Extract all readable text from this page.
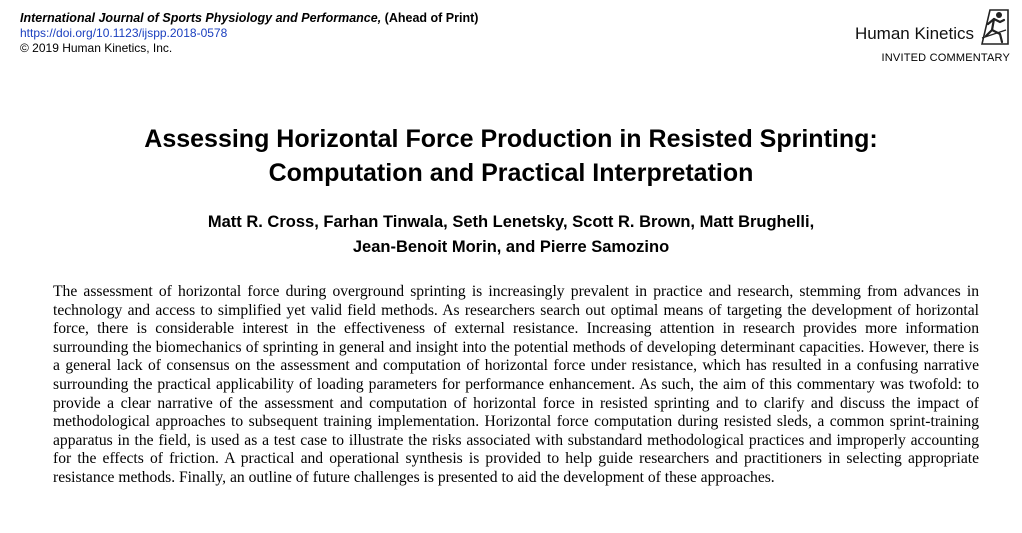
International Journal of Sports Physiology and Performance, (Ahead of Print)
https://doi.org/10.1123/ijspp.2018-0578
© 2019 Human Kinetics, Inc.
Human Kinetics
INVITED COMMENTARY
Assessing Horizontal Force Production in Resisted Sprinting:
Computation and Practical Interpretation
Matt R. Cross, Farhan Tinwala, Seth Lenetsky, Scott R. Brown, Matt Brughelli,
Jean-Benoit Morin, and Pierre Samozino

The assessment of horizontal force during overground sprinting is increasingly prevalent in practice and research, stemming from advances in technology and access to simplified yet valid field methods. As researchers search out optimal means of targeting the development of horizontal force, there is considerable interest in the effectiveness of external resistance. Increasing attention in research provides more information surrounding the biomechanics of sprinting in general and insight into the potential methods of developing determinant capacities. However, there is a general lack of consensus on the assessment and computation of horizontal force under resistance, which has resulted in a confusing narrative surrounding the practical applicability of loading parameters for performance enhancement. As such, the aim of this commentary was twofold: to provide a clear narrative of the assessment and computation of horizontal force in resisted sprinting and to clarify and discuss the impact of methodological approaches to subsequent training implementation. Horizontal force computation during resisted sleds, a common sprint-training apparatus in the field, is used as a test case to illustrate the risks associated with substandard methodological practices and improperly accounting for the effects of friction. A practical and operational synthesis is provided to help guide researchers and practitioners in selecting appropriate resistance methods. Finally, an outline of future challenges is presented to aid the development of these approaches.
